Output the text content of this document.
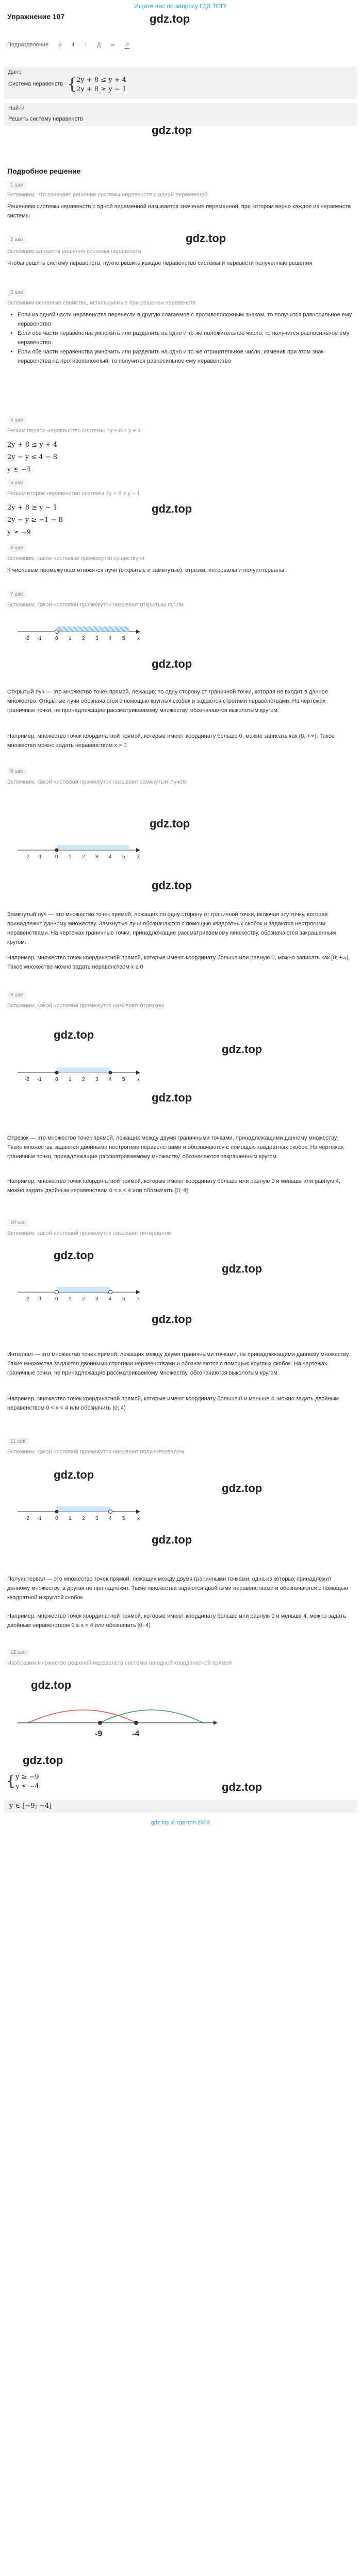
Ищите нас по запросу ГДЗ ТОП!
Упражнение 107	gdz.top
Подразделение 6 4 ↑ Д ∞ ↗
Дано
Система неравенств {
2y + 8 ≤ y + 4
2y + 8 ≥ y − 1
Найти
Решить систему неравенств
gdz.top
Подробное решение
1 шаг
Вспомним, что означает решение системы неравенств с одной переменной
Решением системы неравенств с одной переменной называется значение переменной, при котором верно каждое из неравенств системы
2 шаг	gdz.top
Вспомним алгоритм решения системы неравенств
Чтобы решить систему неравенств, нужно решить каждое неравенство системы и перевести полученные решения
3 шаг
Вспомним основные свойства, используемые при решении неравенств
• Если из одной части неравенства перенести в другую слагаемое с противоположным знаком, то получится равносильное ему неравенство
• Если обе части неравенства умножить или разделить на одно и то же положительное число, то получится равносильное ему неравенство
• Если обе части неравенства умножить или разделить на одно и то же отрицательное число, изменив при этом знак неравенства на противоположный, то получится равносильное ему неравенство
4 шаг
Решим первое неравенство системы 2y + 8 ≤ y + 4
2y + 8 ≤ y + 4
2y − y ≤ 4 − 8
y ≤ −4
5 шаг
Решим второе неравенство системы 2y + 8 ≥ y − 1
2y + 8 ≥ y − 1	gdz.top
2y − y ≥ −1 − 8
y ≥ −9
6 шаг
Вспомним, какие числовые промежутки существуют
К числовым промежуткам относятся лучи (открытые и замкнутые), отрезки, интервалы и полуинтервалы.
7 шаг
Вспомним, какой числовой промежуток называют открытым лучом
-2 -1	0 1 2 3 4 5 x
gdz.top
Открытый луч — это множество точек прямой, лежащих по одну сторону от граничной точки, которая не входит в данное множество. Открытые лучи обозначаются с помощью круглых скобок и задаются строгими неравенствами. На чертежах граничные точки, не принадлежащие рассматриваемому множеству, обозначаются выколотым кругом.
Например, множество точек координатной прямой, которые имеют координату больше 0, можно записать как (0; +∞). Такое множество можно задать неравенством x > 0
8 шаг
Вспомним, какой числовой промежуток называют замкнутым лучом
gdz.top
-2 -1	0 1 2 3 4 5 x
gdz.top
Замкнутый луч — это множество точек прямой, лежащих по одну сторону от граничной точки, включая эту точку, которая принадлежит данному множеству. Замкнутые лучи обозначаются с помощью квадратных скобок и задаются нестрогими неравенствами. На чертежах граничные точки, принадлежащие рассматриваемому множеству, обозначаются закрашенным кругом.
Например, множество точек координатной прямой, которые имеют координату больше или равную 0, можно записать как [0; +∞). Такое множество можно задать неравенством x ≥ 0
9 шаг
Вспомним, какой числовой промежуток называют отрезком
gdz.top
gdz.top
-2 -1	0 1 2 3 4 5 x
gdz.top
Отрезок — это множество точек прямой, лежащих между двумя граничными точками, принадлежащими данному множеству. Такие множества задаются двойными нестрогими неравенствами и обозначаются с помощью квадратных скобок. На чертежах граничные точки, принадлежащие рассматриваемому множеству, обозначаются закрашенным кругом.
Например, множество точек координатной прямой, которые имеют координату больше или равную 0 и меньше или равную 4, можно задать двойным неравенством 0 ≤ x ≤ 4 или обозначить [0; 4]
10 шаг
Вспомним, какой числовой промежуток называют интервалом
gdz.top
gdz.top
-2 -1	0 1 2 3 4 5 x
gdz.top
Интервал — это множество точек прямой, лежащих между двумя граничными точками, не принадлежащими данному множеству. Такие множества задаются двойными строгими неравенствами и обозначаются с помощью круглых скобок. На чертежах граничные точки, не принадлежащие рассматриваемому множеству, обозначаются выколотым кругом.
Например, множество точек координатной прямой, которые имеют координату больше 0 и меньше 4, можно задать двойным неравенством 0 < x < 4 или обозначить (0; 4)
11 шаг
Вспомним, какой числовой промежуток называют полуинтервалом
gdz.top
gdz.top
-2 -1	0 1 2 3 4 5 x
gdz.top
Полуинтервал — это множество точек прямой, лежащих между двумя граничными точками, одна из которых принадлежит данному множеству, а другая не принадлежит. Такие множества задаются двойными неравенствами и обозначаются с помощью квадратной и круглой скобок.
Например, множество точек координатной прямой, которые имеют координату больше или равную 0 и меньше 4, можно задать двойным неравенством 0 ≤ x < 4 или обозначить [0; 4)
12 шаг
Изобразим множество решений неравенств системы на одной координатной прямой
gdz.top
-9	-4
gdz.top
{ y ≥ −9
y ≤ −4	gdz.top
y ∈ [−9; −4]
gdz.top © где-топ 2024
